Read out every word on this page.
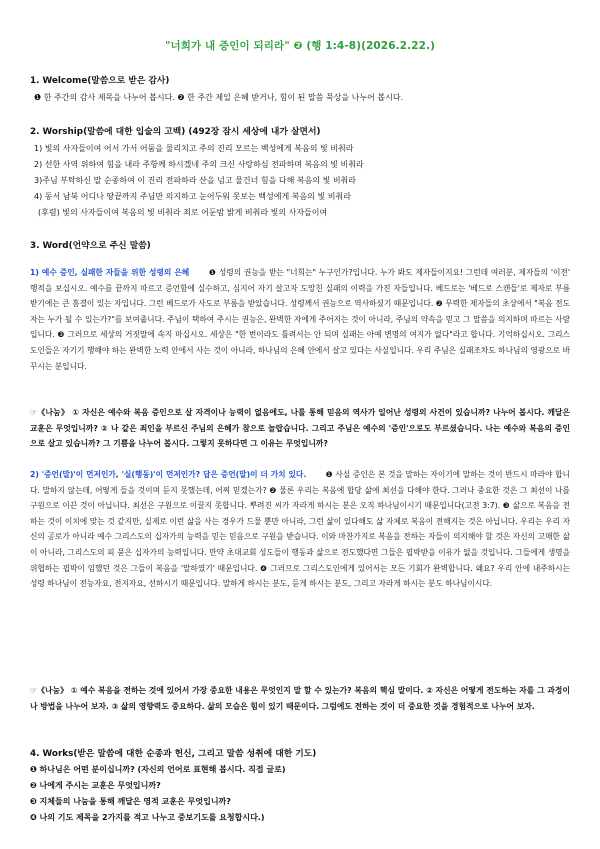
"너희가 내 증인이 되리라" ❷ (행 1:4-8)(2026.2.22.)
1. Welcome(말씀으로 받은 감사)
❶ 한 주간의 감사 제목을 나누어 봅시다. ❷ 한 주간 제일 은혜 받거나, 힘이 된 말씀 묵상을 나누어 봅시다.
2. Worship(말씀에 대한 입술의 고백) (492장 잠시 세상에 내가 살면서)
1) 빛의 사자들이여 어서 가서 어둠을 물리치고 주의 진리 모르는 백성에게 복음의 빛 비춰라
2) 선한 사역 위하여 힘을 내라 주항께 하시겠네 주의 크신 사랑하심 전파하며 복음의 빛 비춰라
3)주님 부탁하신 말 순종하여 이 진리 전파하라 산을 넘고 물건너 힘을 다해 복음의 빛 비춰라
4) 동서 남북 어디나 땅끝까지 주님만 의지하고 눈어두워 못보는 백성에게 복음의 빛 비춰라
(후렴) 빛의 사자들이여 복음의 빛 비춰라 죄로 어둔밤 밝게 비춰라 빛의 사자들이여
3. Word(언약으로 주신 말씀)
1) 예수 증인, 실패한 자들을 위한 성령의 은혜	❶ 성령의 권능을 받는 "너희는" 누구인가?입니다. 누가 봐도 제자들이지요! 그런데 여러분, 제자들의 '이전' 행적을 보십시오. 예수를 끝까지 따르고 증언함에 실수하고, 심지어 자기 살고자 도망친 실패의 이력을 가진 자들입니다. 베드로는 '베드로 스캔들'로 제자로 부름받기에는 큰 흠결이 있는 자입니다. 그런 베드로가 사도로 부름을 받았습니다. 성령께서 권능으로 역사하셨기 때문입니다. ❷ 무력한 제자들의 초상에서 "복음 전도자는 누가 될 수 있는가?"를 보여줍니다. 주님이 택하여 주시는 권능은, 완벽한 자에게 주어지는 것이 아니라, 주님의 약속을 믿고 그 말씀을 의지하며 따르는 사람입니다. ❸ 그러므로 세상의 거짓말에 속지 마십시오. 세상은 "한 번이라도 틀려서는 안 되며 실패는 아예 변명의 여지가 없다"라고 합니다. 기억하십시오. 그리스도인들은 자기기 행해야 하는 완벽한 노력 안에서 사는 것이 아니라, 하나님의 은혜 안에서 살고 있다는 사실입니다. 우리 주님은 실패조차도 하나님의 영광으로 바꾸시는 분입니다.
☞《나눔》 ① 자신은 예수와 복음 증인으로 살 자격이나 능력이 없음에도, 나를 통해 믿음의 역사가 일어난 성령의 사건이 있습니까? 나누어 봅시다. 깨달은 교훈은 무엇입니까? ② 나 같은 죄인을 부르신 주님의 은혜가 참으로 놀랍습니다. 그리고 주님은 예수의 '증인'으로도 부르셨습니다. 나는 예수와 복음의 증인으로 살고 있습니까? 그 기쁨을 나누어 봅시다. 그렇지 못하다면 그 이유는 무엇입니까?
2) '증언(말)'이 먼저인가, '실(행동)'이 먼저인가? 답은 증언(말)이 더 가치 있다.	❶ 사실 증인은 본 것을 말하는 자이기에 말하는 것이 반드시 따라야 합니다. 말하지 않는데, 어떻게 들을 것이며 듣지 못했는데, 어찌 믿겠는가? ❷ 물론 우리는 복음에 합당 삶에 최선을 다해야 한다. 그러나 중요한 것은 그 최선이 나를 구원으로 이끈 것이 아닙니다. 최선은 구원으로 이끌지 못합니다. 뿌려진 씨가 자라게 하시는 분은 오직 하나님이시기 때문입니다(고전 3:7). ❸ 삶으로 복음을 전하는 것이 이치에 맞는 것 같지만, 실제로 이런 삶을 사는 경우가 드물 뿐만 아니라, 그런 삶이 있다해도 삶 자체로 복음이 전해지는 것은 아닙니다. 우리는 우리 자신의 공로가 아니라 예수 그리스도의 십자가의 능력을 믿는 믿음으로 구원을 받습니다. 이와 마찬가지로 복음을 전하는 자들이 의지해야 할 것은 자신의 고매한 삶이 아니라, 그리스도의 피 묻은 십자가의 능력입니다. 만약 초대교회 성도들이 행동과 삶으로 전도했다면 그들은 핍박받을 이유가 없을 것입니다. 그들에게 생명을 위협하는 핍박이 임했던 것은 그들이 복음을 '말하였기' 때문입니다. ❹ 그러므로 그리스도인에게 있어서는 모든 기회가 완벽합니다. 왜요? 우리 안에 내주하시는 성령 하나님이 전능자요, 전지자요, 선하시기 때문입니다. 말하게 하시는 분도, 듣게 하시는 분도, 그리고 자라게 하시는 분도 하나님이시다.
☞《나눔》 ① 예수 복음을 전하는 것에 있어서 가장 중요한 내용은 무엇인지 말 할 수 있는가? 복음의 핵심 말이다. ② 자신은 어떻게 전도하는 자를 그 과정이나 방법을 나누어 보자. ③ 삶의 영향력도 중요하다. 삶의 모습은 힘이 있기 때문이다. 그럼에도 전하는 것이 더 중요한 것을 경험적으로 나누어 보자.
4. Works(받은 말씀에 대한 순종과 헌신, 그리고 말씀 성취에 대한 기도)
❶ 하나님은 어떤 분이십니까? (자신의 언어로 표현해 봅시다. 직접 글로)
❷ 나에게 주시는 교훈은 무엇입니까?
❸ 지체들의 나눔을 통해 깨달은 영적 교훈은 무엇입니까?
❹ 나의 기도 제목을 2가지를 적고 나누고 중보기도를 요청합시다.)
